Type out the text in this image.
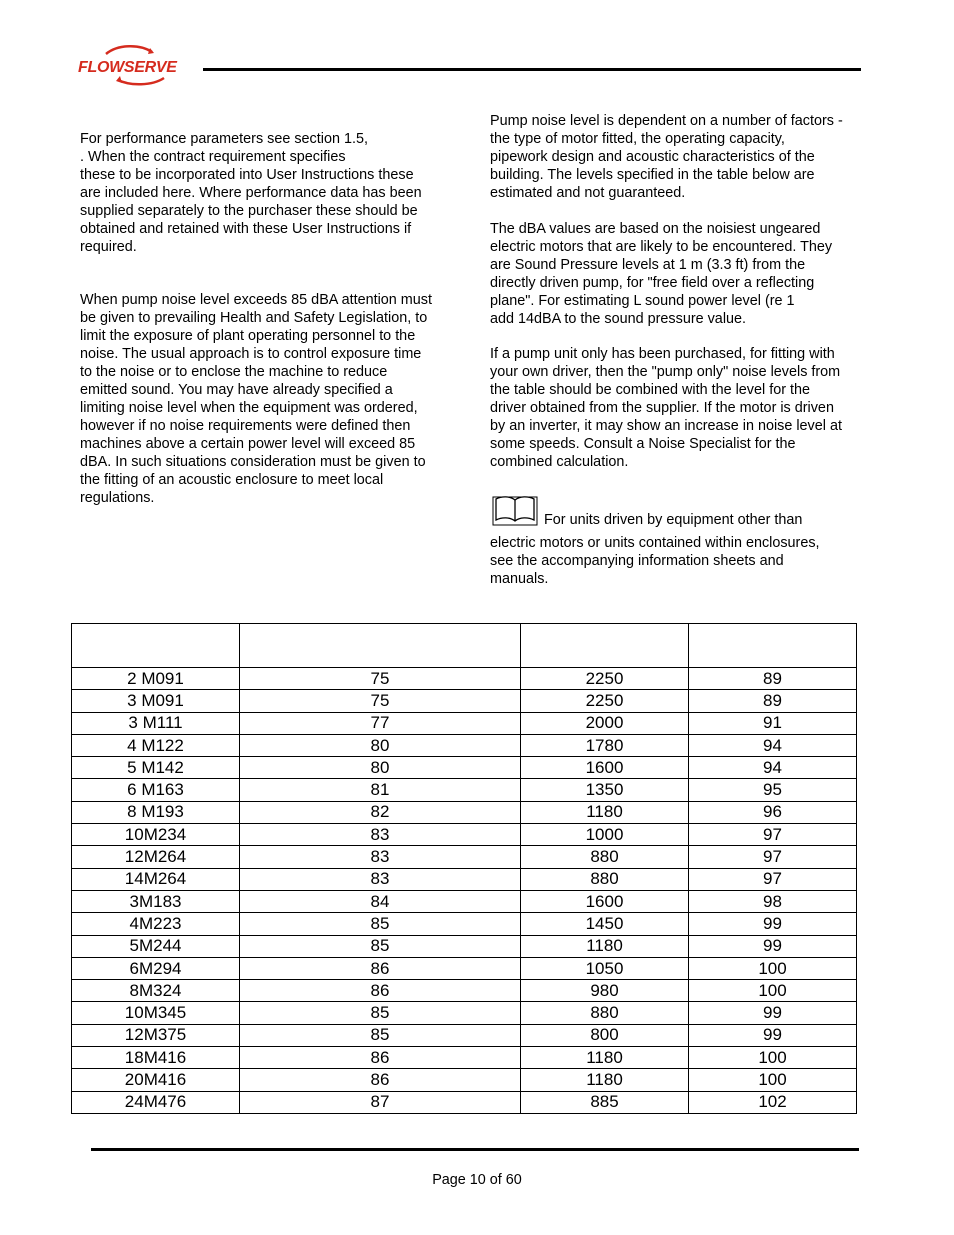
FLOWSERVE

For performance parameters see section 1.5,
. When the contract requirement specifies
these to be incorporated into User Instructions these
are included here. Where performance data has been
supplied separately to the purchaser these should be
obtained and retained with these User Instructions if
required.

When pump noise level exceeds 85 dBA attention must
be given to prevailing Health and Safety Legislation, to
limit the exposure of plant operating personnel to the
noise. The usual approach is to control exposure time
to the noise or to enclose the machine to reduce
emitted sound. You may have already specified a
limiting noise level when the equipment was ordered,
however if no noise requirements were defined then
machines above a certain power level will exceed 85
dBA. In such situations consideration must be given to
the fitting of an acoustic enclosure to meet local
regulations.

Pump noise level is dependent on a number of factors -
the type of motor fitted, the operating capacity,
pipework design and acoustic characteristics of the
building. The levels specified in the table below are
estimated and not guaranteed.

The dBA values are based on the noisiest ungeared
electric motors that are likely to be encountered. They
are Sound Pressure levels at 1 m (3.3 ft) from the
directly driven pump, for "free field over a reflecting
plane". For estimating L sound power level (re 1
add 14dBA to the sound pressure value.

If a pump unit only has been purchased, for fitting with
your own driver, then the "pump only" noise levels from
the table should be combined with the level for the
driver obtained from the supplier. If the motor is driven
by an inverter, it may show an increase in noise level at
some speeds. Consult a Noise Specialist for the
combined calculation.

For units driven by equipment other than

electric motors or units contained within enclosures,
see the accompanying information sheets and
manuals.

2 M091	75	2250	89
3 M091	75	2250	89
3 M111	77	2000	91
4 M122	80	1780	94
5 M142	80	1600	94
6 M163	81	1350	95
8 M193	82	1180	96
10M234	83	1000	97
12M264	83	880	97
14M264	83	880	97
3M183	84	1600	98
4M223	85	1450	99
5M244	85	1180	99
6M294	86	1050	100
8M324	86	980	100
10M345	85	880	99
12M375	85	800	99
18M416	86	1180	100
20M416	86	1180	100
24M476	87	885	102
Page 10 of 60
